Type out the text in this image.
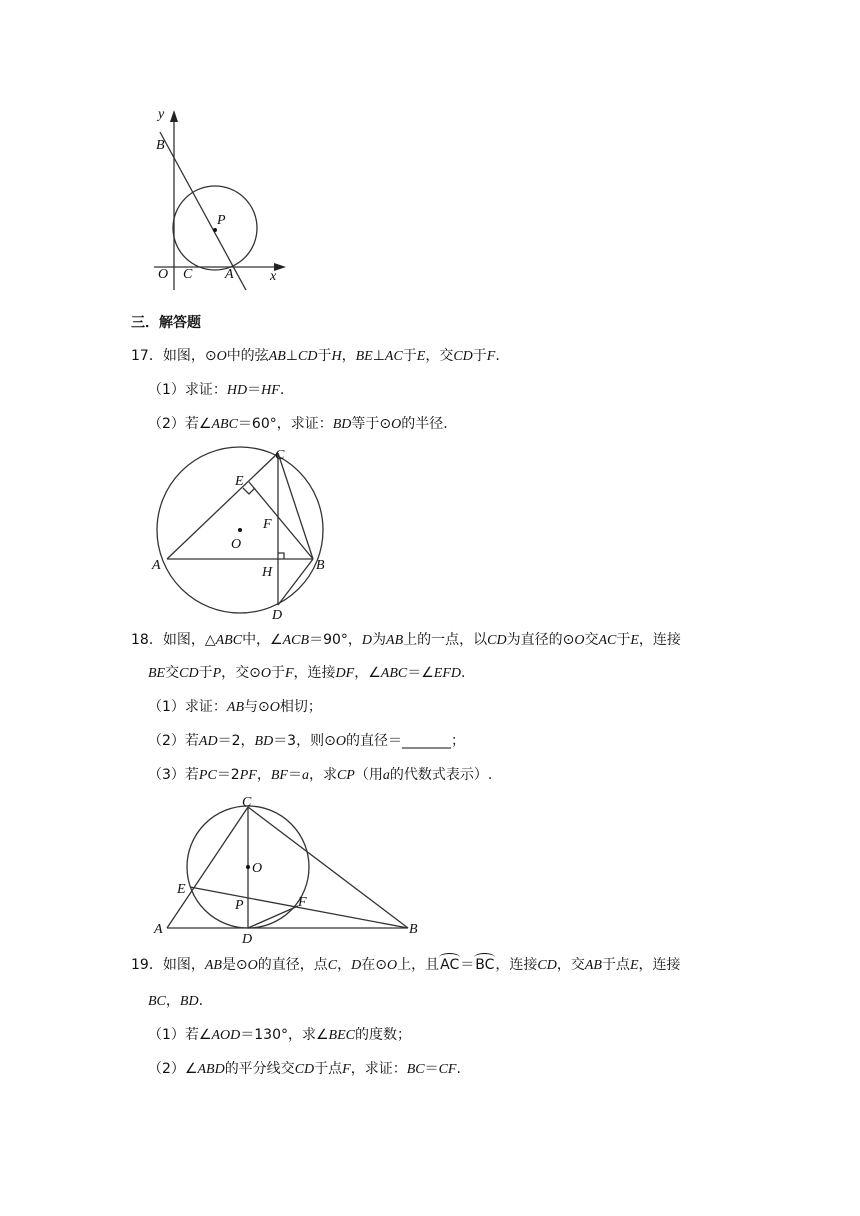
y
B
P
O C A	x
三．解答题
17．如图，⊙O中的弦AB⊥CD于H，BE⊥AC于E，交CD于F.
（1）求证：HD＝HF.
（2）若∠ABC＝60°，求证：BD等于⊙O的半径.
C
E
F
O
A	H	B
D
18．如图，△ABC中，∠ACB＝90°，D为AB上的一点，以CD为直径的⊙O交AC于E，连接
BE交CD于P，交⊙O于F，连接DF，∠ABC＝∠EFD.
（1）求证：AB与⊙O相切；
（2）若AD＝2，BD＝3，则⊙O的直径＝_______；
（3）若PC＝2PF，BF＝a，求CP（用a的代数式表示）.
C
O
E
F
P
A
D
B
19．如图，AB是⊙O的直径，点C，D在⊙O上，且AC＝BC，连接CD，交AB于点E，连接
BC，BD.
（1）若∠AOD＝130°，求∠BEC的度数；
（2）∠ABD的平分线交CD于点F，求证：BC＝CF.
